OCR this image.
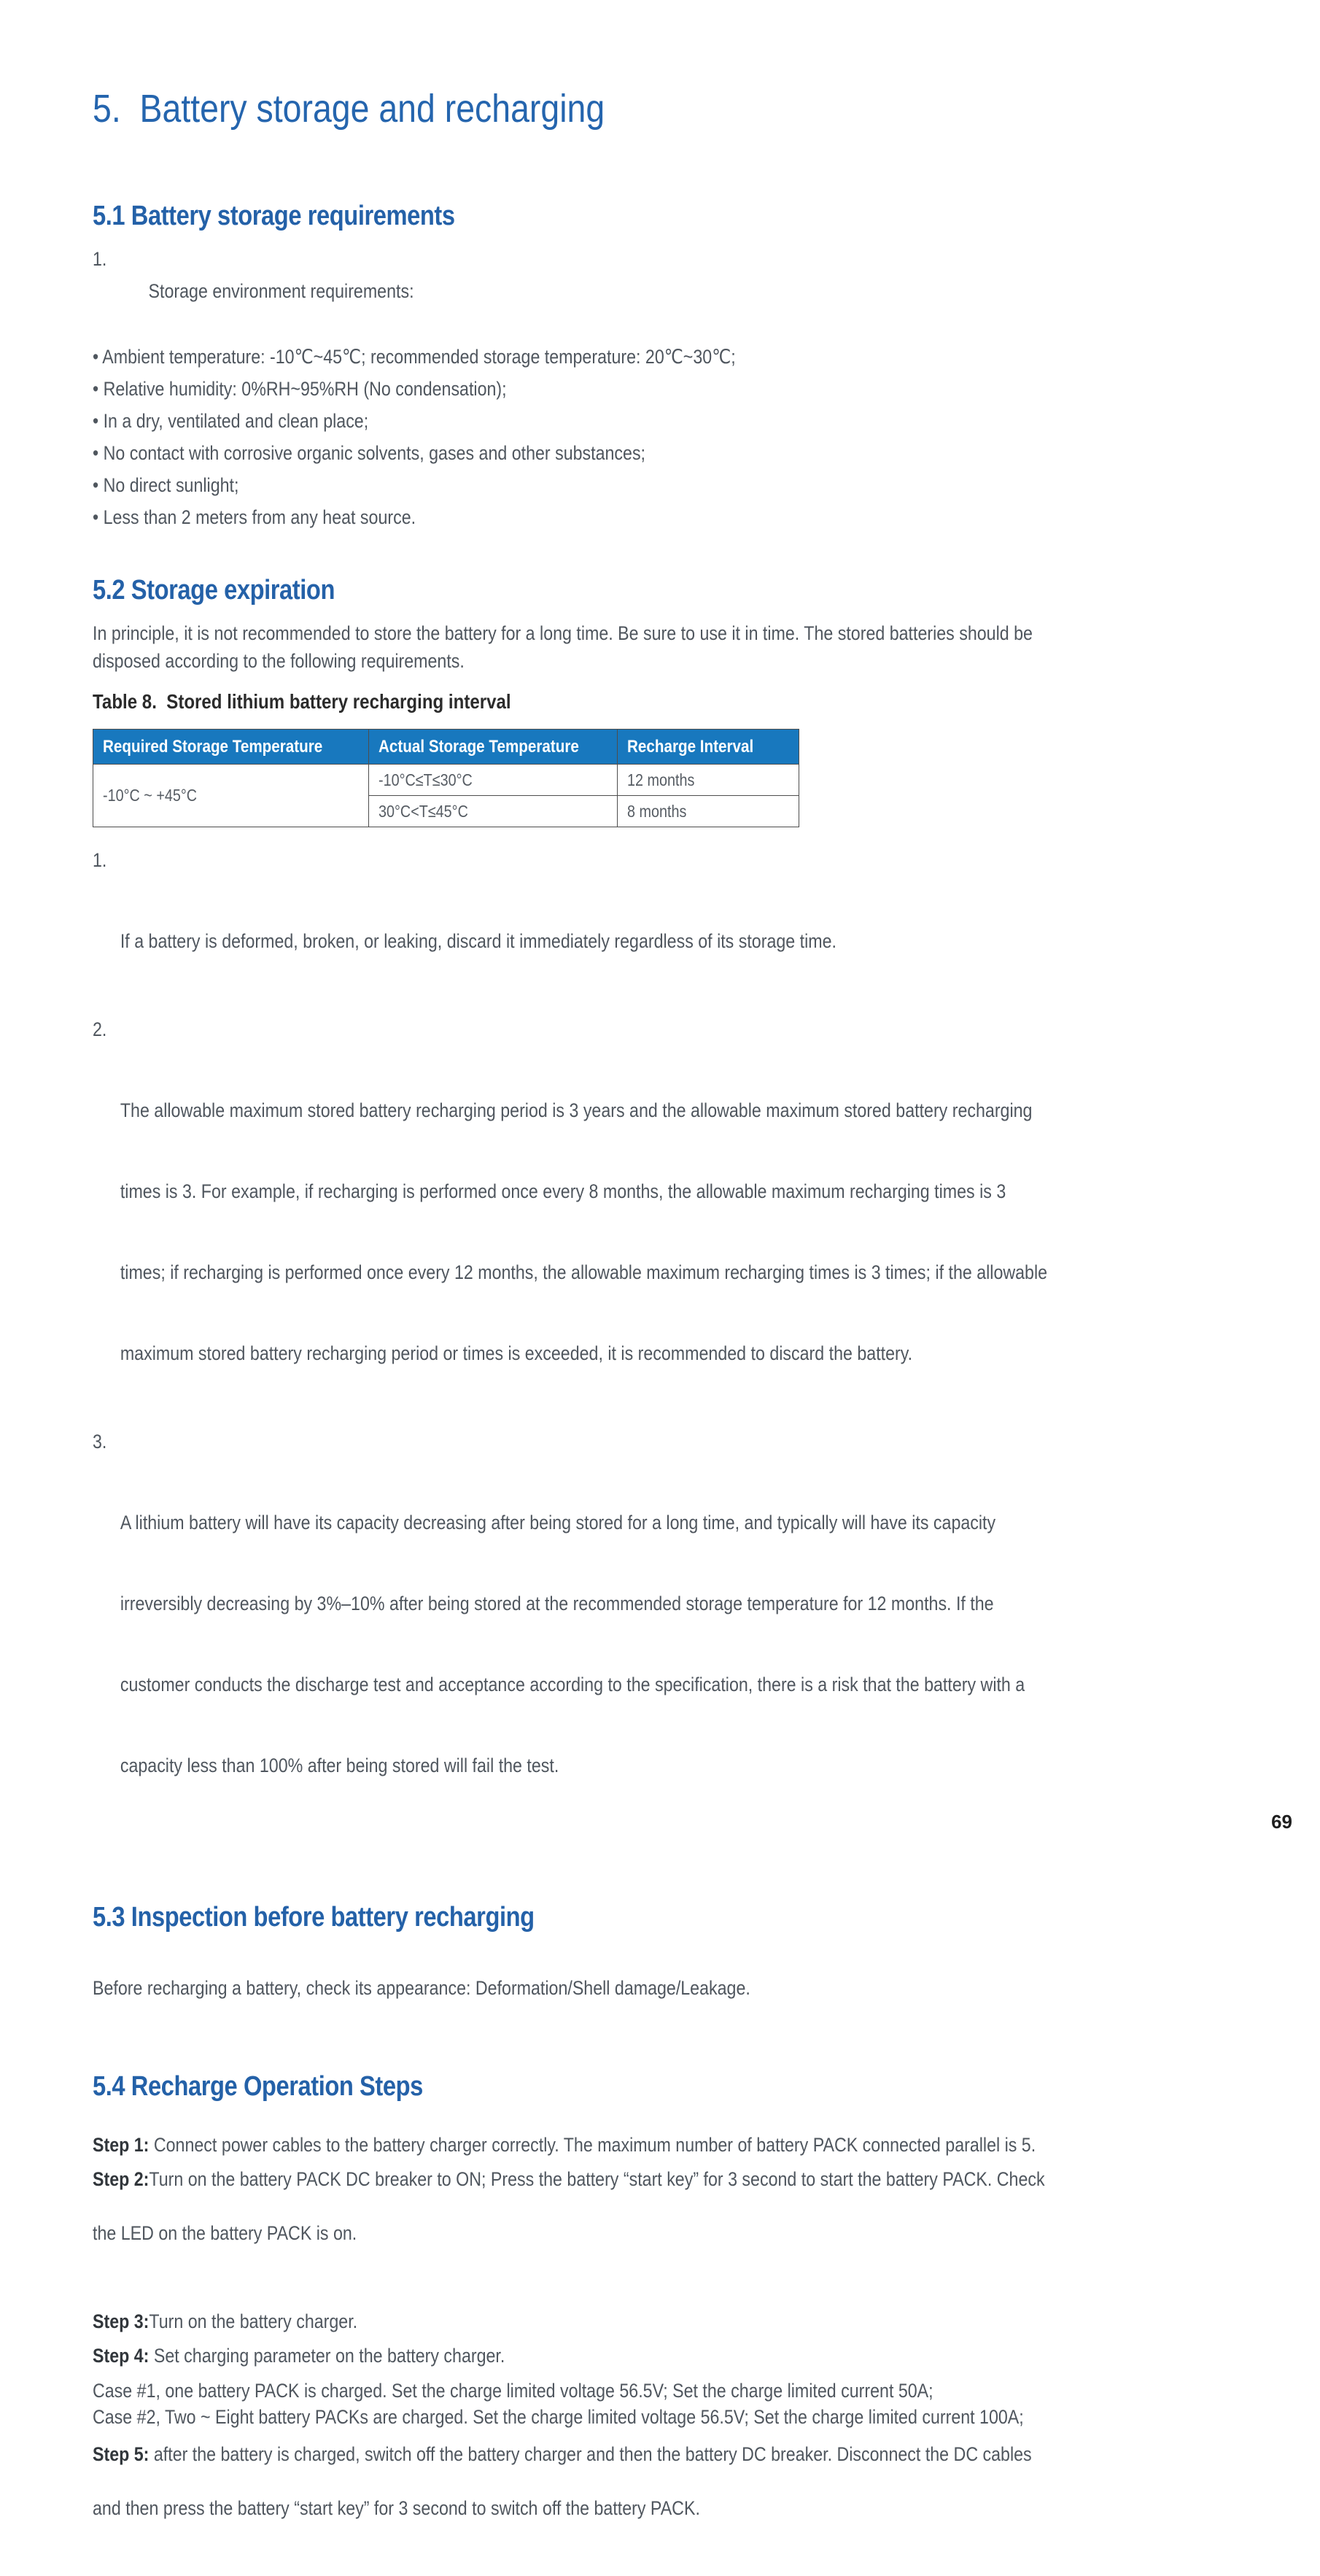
5.  Battery storage and recharging
5.1 Battery storage requirements

1.
Storage environment requirements:

• Ambient temperature: -10℃~45℃; recommended storage temperature: 20℃~30℃;
• Relative humidity: 0%RH~95%RH (No condensation);
• In a dry, ventilated and clean place;
• No contact with corrosive organic solvents, gases and other substances;
• No direct sunlight;
• Less than 2 meters from any heat source.
5.2 Storage expiration
In principle, it is not recommended to store the battery for a long time. Be sure to use it in time. The stored batteries should be
disposed according to the following requirements.
Table 8.  Stored lithium battery recharging interval
Required Storage Temperature	Actual Storage Temperature	Recharge Interval
-10°C ~ +45°C	-10°C≤T≤30°C	12 months
	30°C<T≤45°C	8 months

1.

If a battery is deformed, broken, or leaking, discard it immediately regardless of its storage time.

2.

The allowable maximum stored battery recharging period is 3 years and the allowable maximum stored battery recharging

times is 3. For example, if recharging is performed once every 8 months, the allowable maximum recharging times is 3

times; if recharging is performed once every 12 months, the allowable maximum recharging times is 3 times; if the allowable

maximum stored battery recharging period or times is exceeded, it is recommended to discard the battery.

3.

A lithium battery will have its capacity decreasing after being stored for a long time, and typically will have its capacity

irreversibly decreasing by 3%–10% after being stored at the recommended storage temperature for 12 months. If the

customer conducts the discharge test and acceptance according to the specification, there is a risk that the battery with a

capacity less than 100% after being stored will fail the test.

5.3 Inspection before battery recharging
Before recharging a battery, check its appearance: Deformation/Shell damage/Leakage.
5.4 Recharge Operation Steps
Step 1: Connect power cables to the battery charger correctly. The maximum number of battery PACK connected parallel is 5.
Step 2:Turn on the battery PACK DC breaker to ON; Press the battery “start key” for 3 second to start the battery PACK. Check

the LED on the battery PACK is on.

Step 3:Turn on the battery charger.
Step 4: Set charging parameter on the battery charger.
Case #1, one battery PACK is charged. Set the charge limited voltage 56.5V; Set the charge limited current 50A;
Case #2, Two ~ Eight battery PACKs are charged. Set the charge limited voltage 56.5V; Set the charge limited current 100A;
Step 5: after the battery is charged, switch off the battery charger and then the battery DC breaker. Disconnect the DC cables

and then press the battery “start key” for 3 second to switch off the battery PACK.

69
